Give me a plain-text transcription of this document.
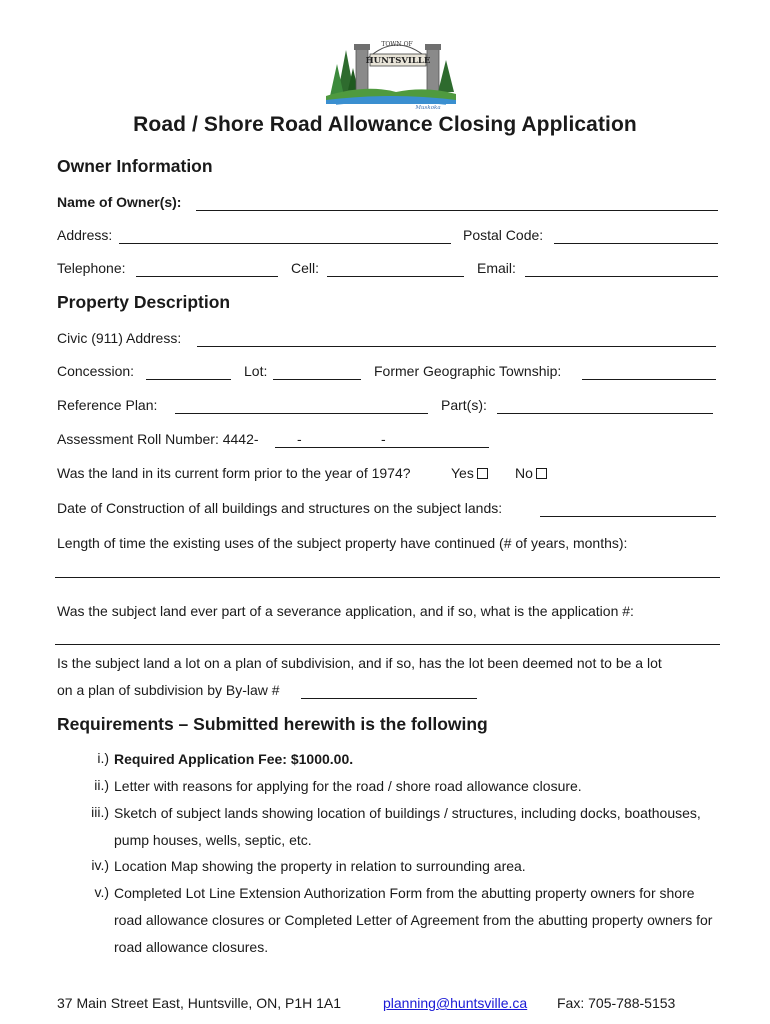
TOWN OF
HUNTSVILLE
Muskoka
Road / Shore Road Allowance Closing Application
Owner Information
Name of Owner(s):
Address:	Postal Code:
Telephone:	Cell:	Email:
Property Description
Civic (911) Address:
Concession:	Lot:	Former Geographic Township:
Reference Plan:	Part(s):
Assessment Roll Number: 4442-	-	-
Was the land in its current form prior to the year of 1974?	Yes	No
Date of Construction of all buildings and structures on the subject lands:
Length of time the existing uses of the subject property have continued (# of years, months):
Was the subject land ever part of a severance application, and if so, what is the application #:
Is the subject land a lot on a plan of subdivision, and if so, has the lot been deemed not to be a lot
on a plan of subdivision by By-law #
Requirements – Submitted herewith is the following
i.) Required Application Fee: $1000.00.
ii.) Letter with reasons for applying for the road / shore road allowance closure.
iii.) Sketch of subject lands showing location of buildings / structures, including docks, boathouses, pump houses, wells, septic, etc.
iv.) Location Map showing the property in relation to surrounding area.
v.) Completed Lot Line Extension Authorization Form from the abutting property owners for shore road allowance closures or Completed Letter of Agreement from the abutting property owners for road allowance closures.
37 Main Street East, Huntsville, ON, P1H 1A1	planning@huntsville.ca Fax: 705-788-5153
